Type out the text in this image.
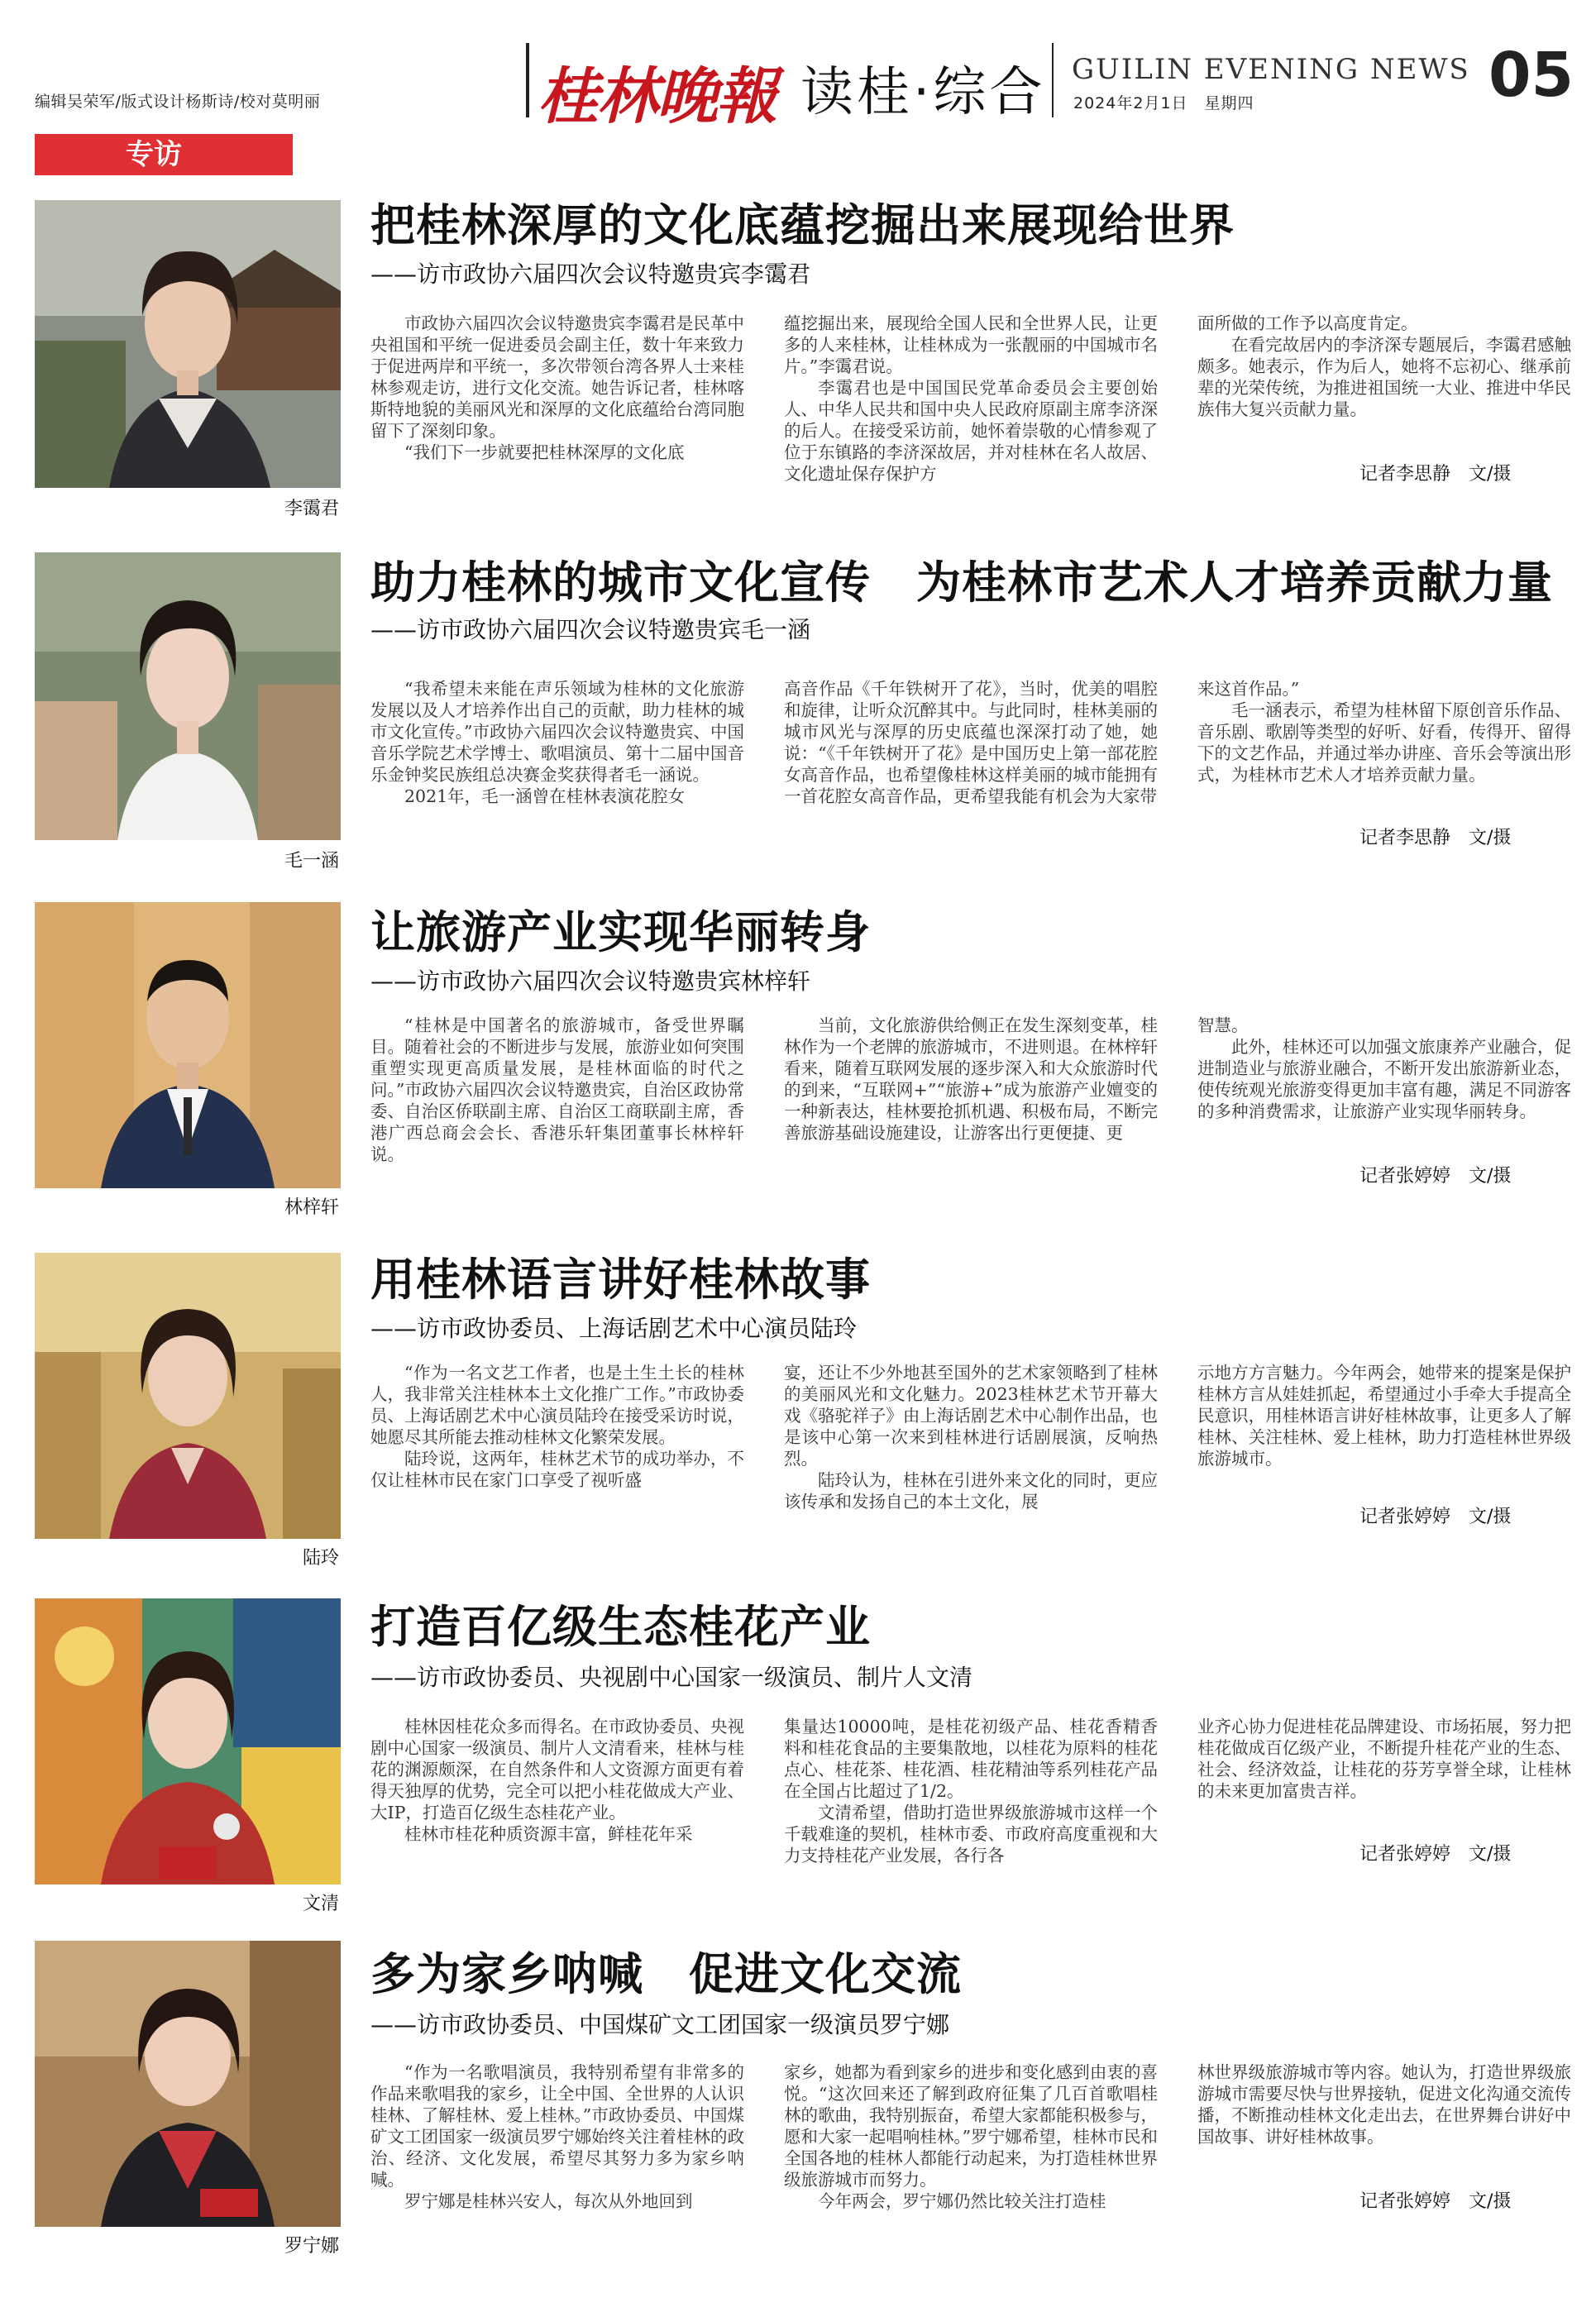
编辑吴荣军/版式设计杨斯诗/校对莫明丽	桂林晚報 读桂·综合 GUILIN EVENING NEWS
2024年2月1日　星期四	05
专访
李霭君
把桂林深厚的文化底蕴挖掘出来展现给世界
——访市政协六届四次会议特邀贵宾李霭君

市政协六届四次会议特邀贵宾李霭君是民革中央祖国和平统一促进委员会副主任，数十年来致力于促进两岸和平统一，多次带领台湾各界人士来桂林参观走访，进行文化交流。她告诉记者，桂林喀斯特地貌的美丽风光和深厚的文化底蕴给台湾同胞留下了深刻印象。

“我们下一步就要把桂林深厚的文化底

蕴挖掘出来，展现给全国人民和全世界人民，让更多的人来桂林，让桂林成为一张靓丽的中国城市名片。”李霭君说。

李霭君也是中国国民党革命委员会主要创始人、中华人民共和国中央人民政府原副主席李济深的后人。在接受采访前，她怀着崇敬的心情参观了位于东镇路的李济深故居，并对桂林在名人故居、文化遗址保存保护方

面所做的工作予以高度肯定。

在看完故居内的李济深专题展后，李霭君感触颇多。她表示，作为后人，她将不忘初心、继承前辈的光荣传统，为推进祖国统一大业、推进中华民族伟大复兴贡献力量。

记者李思静　文/摄
毛一涵
助力桂林的城市文化宣传　为桂林市艺术人才培养贡献力量
——访市政协六届四次会议特邀贵宾毛一涵

“我希望未来能在声乐领域为桂林的文化旅游发展以及人才培养作出自己的贡献，助力桂林的城市文化宣传。”市政协六届四次会议特邀贵宾、中国音乐学院艺术学博士、歌唱演员、第十二届中国音乐金钟奖民族组总决赛金奖获得者毛一涵说。

2021年，毛一涵曾在桂林表演花腔女

高音作品《千年铁树开了花》，当时，优美的唱腔和旋律，让听众沉醉其中。与此同时，桂林美丽的城市风光与深厚的历史底蕴也深深打动了她，她说：“《千年铁树开了花》是中国历史上第一部花腔女高音作品，也希望像桂林这样美丽的城市能拥有一首花腔女高音作品，更希望我能有机会为大家带

来这首作品。”

毛一涵表示，希望为桂林留下原创音乐作品、音乐剧、歌剧等类型的好听、好看，传得开、留得下的文艺作品，并通过举办讲座、音乐会等演出形式，为桂林市艺术人才培养贡献力量。

记者李思静　文/摄
林梓轩
让旅游产业实现华丽转身
——访市政协六届四次会议特邀贵宾林梓轩

“桂林是中国著名的旅游城市，备受世界瞩目。随着社会的不断进步与发展，旅游业如何突围重塑实现更高质量发展，是桂林面临的时代之问。”市政协六届四次会议特邀贵宾，自治区政协常委、自治区侨联副主席、自治区工商联副主席，香港广西总商会会长、香港乐轩集团董事长林梓轩说。

当前，文化旅游供给侧正在发生深刻变革，桂林作为一个老牌的旅游城市，不进则退。在林梓轩看来，随着互联网发展的逐步深入和大众旅游时代的到来，“互联网+”“旅游+”成为旅游产业嬗变的一种新表达，桂林要抢抓机遇、积极布局，不断完善旅游基础设施建设，让游客出行更便捷、更

智慧。

此外，桂林还可以加强文旅康养产业融合，促进制造业与旅游业融合，不断开发出旅游新业态，使传统观光旅游变得更加丰富有趣，满足不同游客的多种消费需求，让旅游产业实现华丽转身。

记者张婷婷　文/摄
陆玲
用桂林语言讲好桂林故事
——访市政协委员、上海话剧艺术中心演员陆玲

“作为一名文艺工作者，也是土生土长的桂林人，我非常关注桂林本土文化推广工作。”市政协委员、上海话剧艺术中心演员陆玲在接受采访时说，她愿尽其所能去推动桂林文化繁荣发展。

陆玲说，这两年，桂林艺术节的成功举办，不仅让桂林市民在家门口享受了视听盛

宴，还让不少外地甚至国外的艺术家领略到了桂林的美丽风光和文化魅力。2023桂林艺术节开幕大戏《骆驼祥子》由上海话剧艺术中心制作出品，也是该中心第一次来到桂林进行话剧展演，反响热烈。

陆玲认为，桂林在引进外来文化的同时，更应该传承和发扬自己的本土文化，展

示地方方言魅力。今年两会，她带来的提案是保护桂林方言从娃娃抓起，希望通过小手牵大手提高全民意识，用桂林语言讲好桂林故事，让更多人了解桂林、关注桂林、爱上桂林，助力打造桂林世界级旅游城市。

记者张婷婷　文/摄
文清
打造百亿级生态桂花产业
——访市政协委员、央视剧中心国家一级演员、制片人文清

桂林因桂花众多而得名。在市政协委员、央视剧中心国家一级演员、制片人文清看来，桂林与桂花的渊源颇深，在自然条件和人文资源方面更有着得天独厚的优势，完全可以把小桂花做成大产业、大IP，打造百亿级生态桂花产业。

桂林市桂花种质资源丰富，鲜桂花年采

集量达10000吨，是桂花初级产品、桂花香精香料和桂花食品的主要集散地，以桂花为原料的桂花点心、桂花茶、桂花酒、桂花精油等系列桂花产品在全国占比超过了1/2。

文清希望，借助打造世界级旅游城市这样一个千载难逢的契机，桂林市委、市政府高度重视和大力支持桂花产业发展，各行各

业齐心协力促进桂花品牌建设、市场拓展，努力把桂花做成百亿级产业，不断提升桂花产业的生态、社会、经济效益，让桂花的芬芳享誉全球，让桂林的未来更加富贵吉祥。

记者张婷婷　文/摄
罗宁娜
多为家乡呐喊　促进文化交流
——访市政协委员、中国煤矿文工团国家一级演员罗宁娜

“作为一名歌唱演员，我特别希望有非常多的作品来歌唱我的家乡，让全中国、全世界的人认识桂林、了解桂林、爱上桂林。”市政协委员、中国煤矿文工团国家一级演员罗宁娜始终关注着桂林的政治、经济、文化发展，希望尽其努力多为家乡呐喊。

罗宁娜是桂林兴安人，每次从外地回到

家乡，她都为看到家乡的进步和变化感到由衷的喜悦。“这次回来还了解到政府征集了几百首歌唱桂林的歌曲，我特别振奋，希望大家都能积极参与，愿和大家一起唱响桂林。”罗宁娜希望，桂林市民和全国各地的桂林人都能行动起来，为打造桂林世界级旅游城市而努力。

今年两会，罗宁娜仍然比较关注打造桂

林世界级旅游城市等内容。她认为，打造世界级旅游城市需要尽快与世界接轨，促进文化沟通交流传播，不断推动桂林文化走出去，在世界舞台讲好中国故事、讲好桂林故事。

记者张婷婷　文/摄
